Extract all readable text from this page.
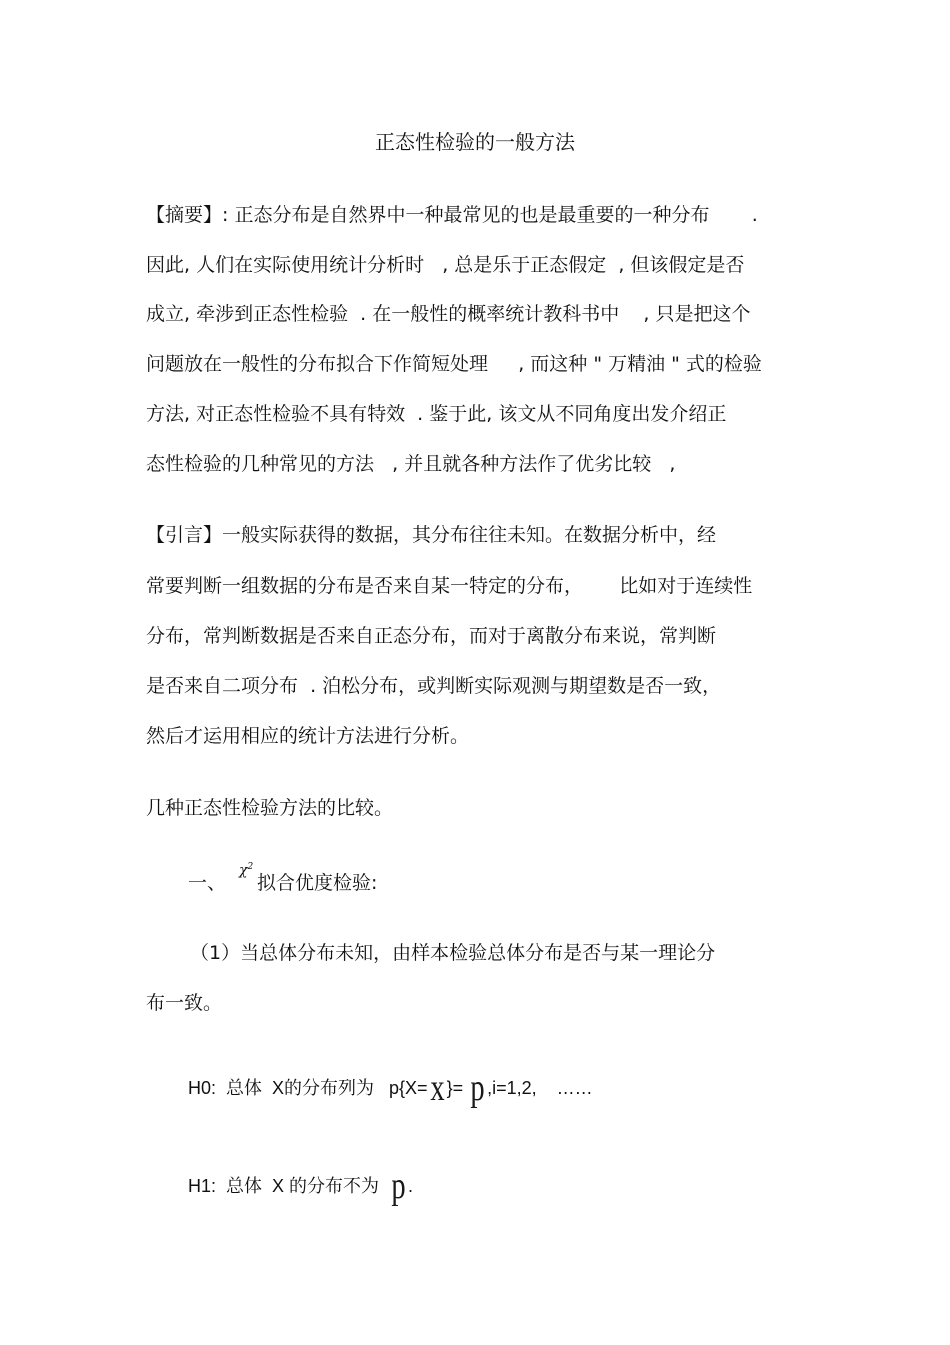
正态性检验的一般方法
【摘要】: 正态分布是自然界中一种最常见的也是最重要的一种分布       .
因此, 人们在实际使用统计分析时   , 总是乐于正态假定  , 但该假定是否
成立, 牵涉到正态性检验  . 在一般性的概率统计教科书中    , 只是把这个
问题放在一般性的分布拟合下作简短处理     , 而这种 " 万精油 " 式的检验
方法, 对正态性检验不具有特效  . 鉴于此, 该文从不同角度出发介绍正
态性检验的几种常见的方法   , 并且就各种方法作了优劣比较   ,
【引言】一般实际获得的数据，其分布往往未知。在数据分析中，经
常要判断一组数据的分布是否来自某一特定的分布，      比如对于连续性
分布，常判断数据是否来自正态分布，而对于离散分布来说，常判断
是否来自二项分布  . 泊松分布，或判断实际观测与期望数是否一致，
然后才运用相应的统计方法进行分析。
几种正态性检验方法的比较。
一、
$\chi^2$
拟合优度检验:
（1）当总体分布未知，由样本检验总体分布是否与某一理论分
布一致。
H0:  总体  X的分布列为   p{X=x }= p ,i=1,2,    ……
H1:  总体  X 的分布不为  p .
